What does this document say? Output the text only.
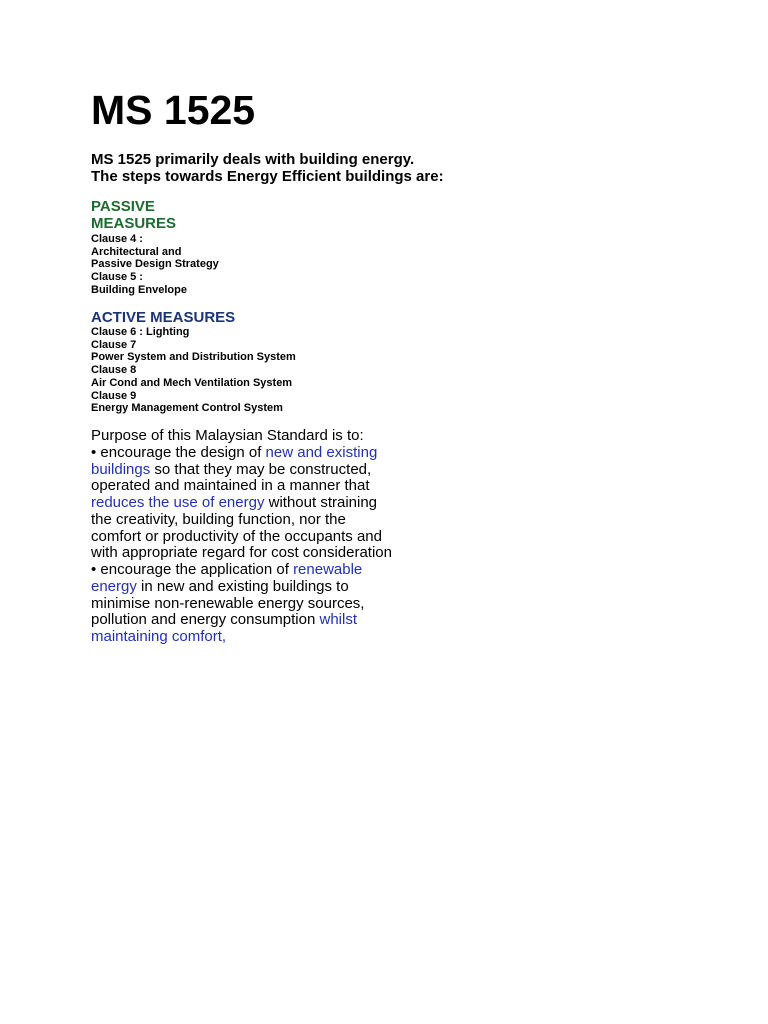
MS 1525
MS 1525 primarily deals with building energy.
The steps towards Energy Efficient buildings are:
PASSIVE
MEASURES
Clause 4 :
Architectural and
Passive Design Strategy
Clause 5 :
Building Envelope
ACTIVE MEASURES
Clause 6 : Lighting
Clause 7
Power System and Distribution System
Clause 8
Air Cond and Mech Ventilation System
Clause 9
Energy Management Control System
Purpose of this Malaysian Standard is to:
• encourage the design of new and existing
buildings so that they may be constructed,
operated and maintained in a manner that
reduces the use of energy without straining
the creativity, building function, nor the
comfort or productivity of the occupants and
with appropriate regard for cost consideration
• encourage the application of renewable
energy in new and existing buildings to
minimise non-renewable energy sources,
pollution and energy consumption whilst
maintaining comfort,
